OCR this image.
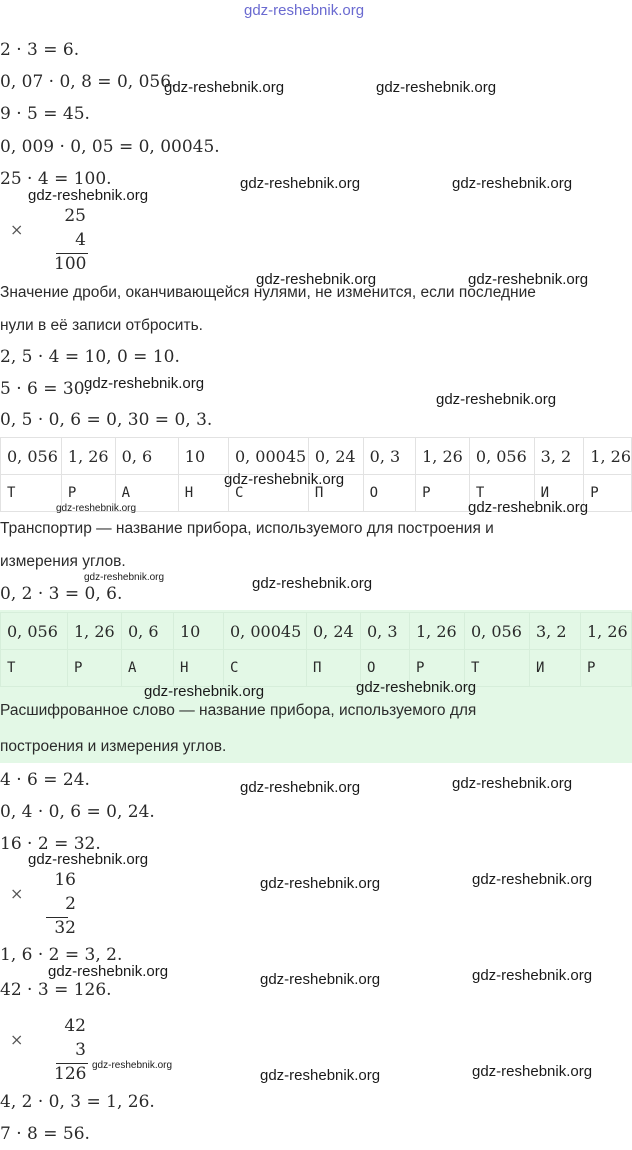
gdz-reshebnik.org
2 · 3 = 6.
0, 07 · 0, 8 = 0, 056.
9 · 5 = 45.
0, 009 · 0, 05 = 0, 00045.
25 · 4 = 100.
×
25
4
100
Значение дроби, оканчивающейся нулями, не изменится, если последние
нули в её записи отбросить.
2, 5 · 4 = 10, 0 = 10.
5 · 6 = 30.
0, 5 · 0, 6 = 0, 30 = 0, 3.
0, 056	1, 26	0, 6	10	0, 00045	0, 24	0, 3	1, 26	0, 056	3, 2	1, 26
Т	Р	А	Н	С	П	О	Р	Т	И	Р
Транспортир — название прибора, используемого для построения и
измерения углов.
0, 2 · 3 = 0, 6.
0, 056	1, 26	0, 6	10	0, 00045	0, 24	0, 3	1, 26	0, 056	3, 2	1, 26
Т	Р	А	Н	С	П	О	Р	Т	И	Р
Расшифрованное слово — название прибора, используемого для
построения и измерения углов.
4 · 6 = 24.
0, 4 · 0, 6 = 0, 24.
16 · 2 = 32.
×
16
2
32
1, 6 · 2 = 3, 2.
42 · 3 = 126.
×
42
3
126
4, 2 · 0, 3 = 1, 26.
7 · 8 = 56.
gdz-reshebnik.org	gdz-reshebnik.org
gdz-reshebnik.org	gdz-reshebnik.org
gdz-reshebnik.org
gdz-reshebnik.org	gdz-reshebnik.org
gdz-reshebnik.org
gdz-reshebnik.org
gdz-reshebnik.org
gdz-reshebnik.org	gdz-reshebnik.org
gdz-reshebnik.org	gdz-reshebnik.org
gdz-reshebnik.org	gdz-reshebnik.org
gdz-reshebnik.org	gdz-reshebnik.org
gdz-reshebnik.org
gdz-reshebnik.org	gdz-reshebnik.org
gdz-reshebnik.org	gdz-reshebnik.org	gdz-reshebnik.org
gdz-reshebnik.org
gdz-reshebnik.org	gdz-reshebnik.org
